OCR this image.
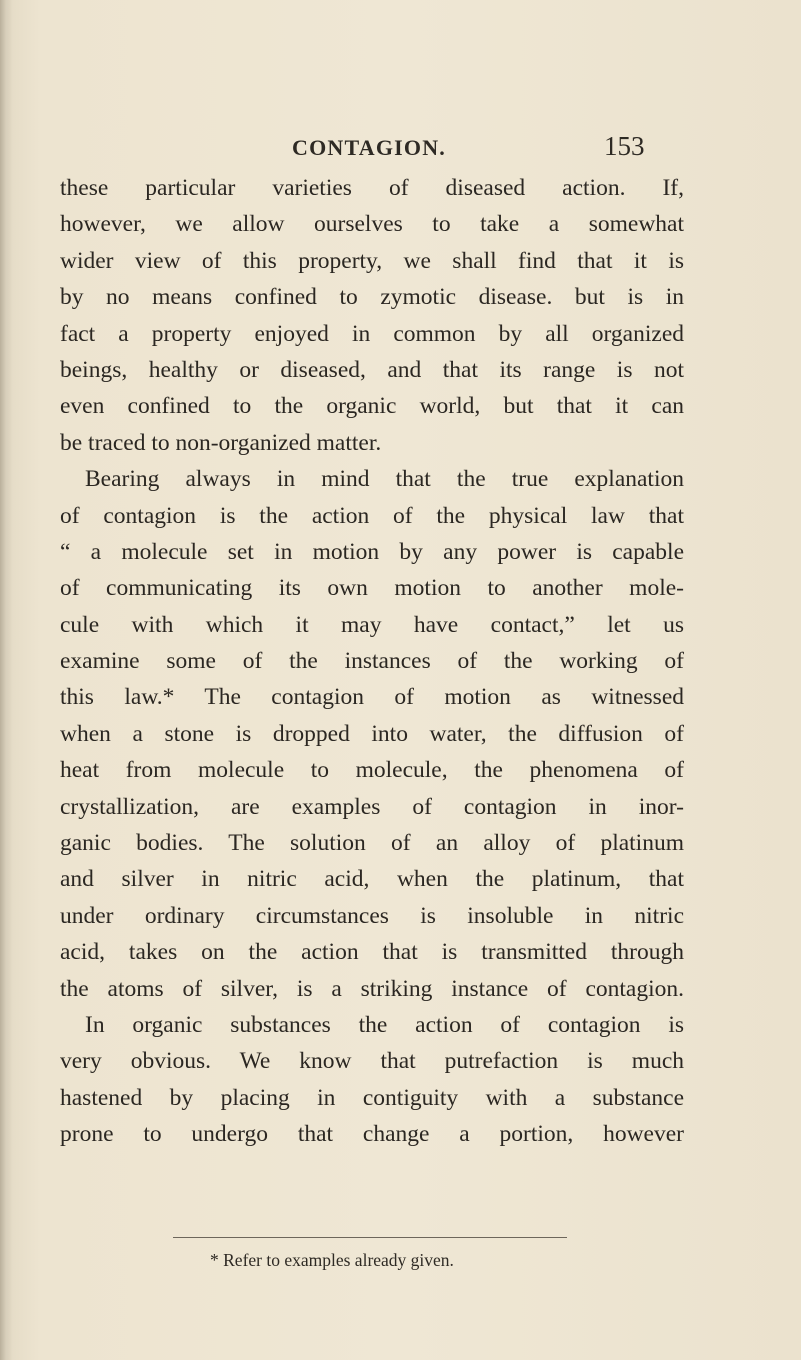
CONTAGION.	153
these particular varieties of diseased action. If,
however, we allow ourselves to take a somewhat
wider view of this property, we shall find that it is
by no means confined to zymotic disease. but is in
fact a property enjoyed in common by all organized
beings, healthy or diseased, and that its range is not
even confined to the organic world, but that it can
be traced to non-organized matter.
Bearing always in mind that the true explanation
of contagion is the action of the physical law that
“ a molecule set in motion by any power is capable
of communicating its own motion to another mole-
cule with which it may have contact,” let us
examine some of the instances of the working of
this law.* The contagion of motion as witnessed
when a stone is dropped into water, the diffusion of
heat from molecule to molecule, the phenomena of
crystallization, are examples of contagion in inor-
ganic bodies. The solution of an alloy of platinum
and silver in nitric acid, when the platinum, that
under ordinary circumstances is insoluble in nitric
acid, takes on the action that is transmitted through
the atoms of silver, is a striking instance of contagion.
In organic substances the action of contagion is
very obvious. We know that putrefaction is much
hastened by placing in contiguity with a substance
prone to undergo that change a portion, however
* Refer to examples already given.
